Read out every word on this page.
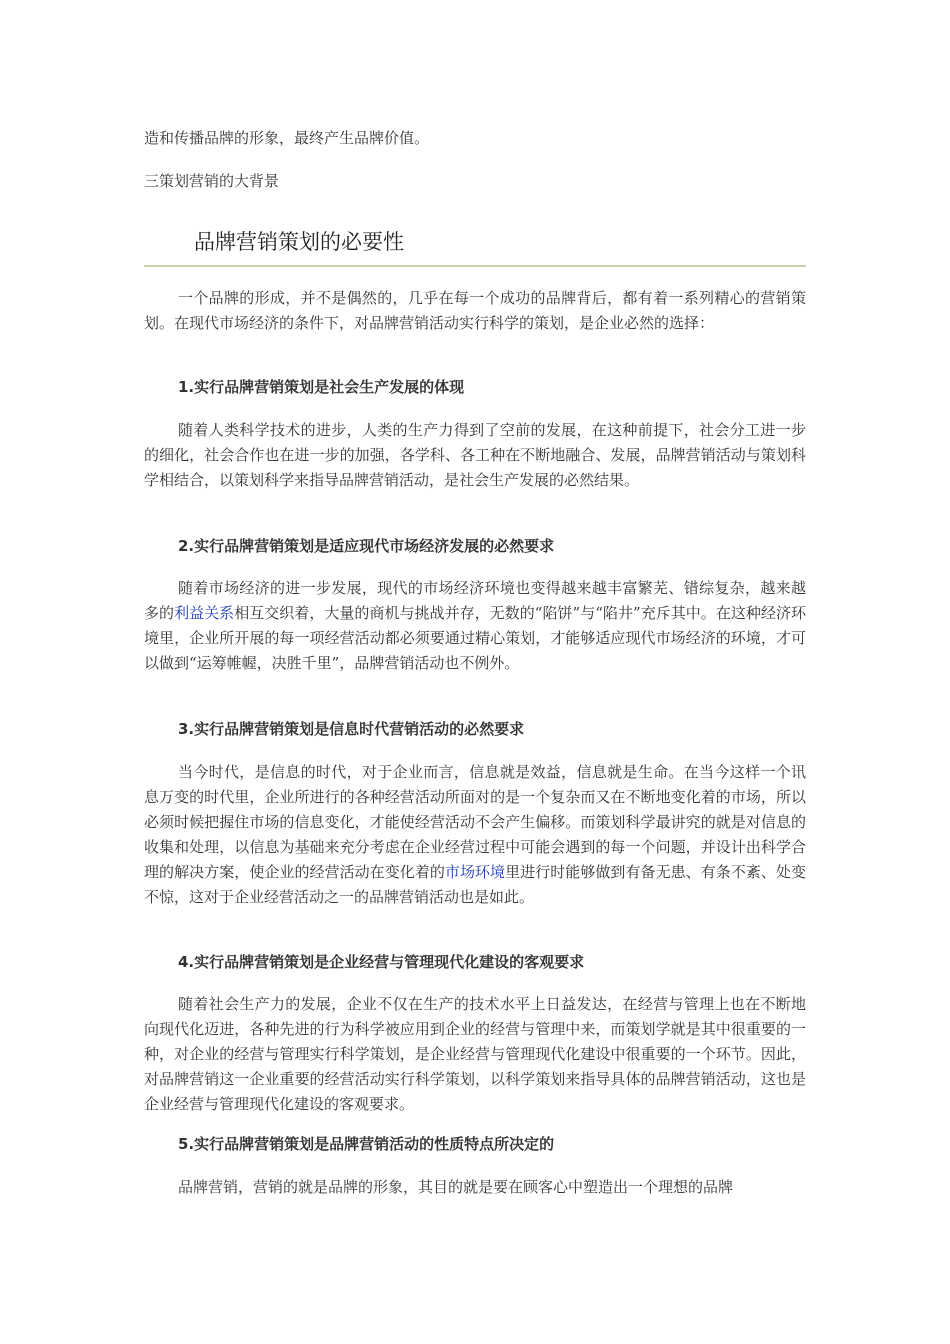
造和传播品牌的形象，最终产生品牌价值。
三策划营销的大背景
品牌营销策划的必要性
一个品牌的形成，并不是偶然的，几乎在每一个成功的品牌背后，都有着一系列精心的营销策划。在现代市场经济的条件下，对品牌营销活动实行科学的策划，是企业必然的选择：
1.实行品牌营销策划是社会生产发展的体现
随着人类科学技术的进步，人类的生产力得到了空前的发展，在这种前提下，社会分工进一步的细化，社会合作也在进一步的加强，各学科、各工种在不断地融合、发展，品牌营销活动与策划科学相结合，以策划科学来指导品牌营销活动，是社会生产发展的必然结果。
2.实行品牌营销策划是适应现代市场经济发展的必然要求
随着市场经济的进一步发展，现代的市场经济环境也变得越来越丰富繁芜、错综复杂，越来越多的利益关系相互交织着，大量的商机与挑战并存，无数的“陷饼”与“陷井”充斥其中。在这种经济环境里，企业所开展的每一项经营活动都必须要通过精心策划，才能够适应现代市场经济的环境，才可以做到“运筹帷幄，决胜千里”，品牌营销活动也不例外。
3.实行品牌营销策划是信息时代营销活动的必然要求
当今时代，是信息的时代，对于企业而言，信息就是效益，信息就是生命。在当今这样一个讯息万变的时代里，企业所进行的各种经营活动所面对的是一个复杂而又在不断地变化着的市场，所以必须时候把握住市场的信息变化，才能使经营活动不会产生偏移。而策划科学最讲究的就是对信息的收集和处理，以信息为基础来充分考虑在企业经营过程中可能会遇到的每一个问题，并设计出科学合理的解决方案，使企业的经营活动在变化着的市场环境里进行时能够做到有备无患、有条不紊、处变不惊，这对于企业经营活动之一的品牌营销活动也是如此。
4.实行品牌营销策划是企业经营与管理现代化建设的客观要求
随着社会生产力的发展，企业不仅在生产的技术水平上日益发达，在经营与管理上也在不断地向现代化迈进，各种先进的行为科学被应用到企业的经营与管理中来，而策划学就是其中很重要的一种，对企业的经营与管理实行科学策划，是企业经营与管理现代化建设中很重要的一个环节。因此，对品牌营销这一企业重要的经营活动实行科学策划，以科学策划来指导具体的品牌营销活动，这也是企业经营与管理现代化建设的客观要求。
5.实行品牌营销策划是品牌营销活动的性质特点所决定的
品牌营销，营销的就是品牌的形象，其目的就是要在顾客心中塑造出一个理想的品牌
